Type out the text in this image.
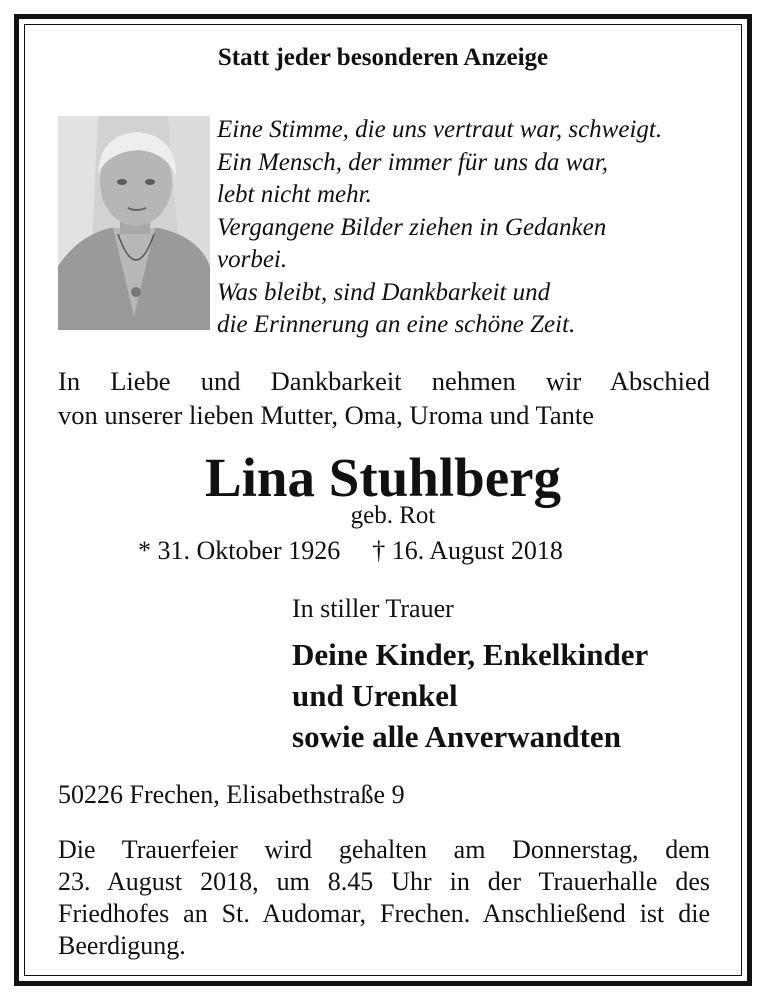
Statt jeder besonderen Anzeige
Eine Stimme, die uns vertraut war, schweigt.
Ein Mensch, der immer für uns da war,
lebt nicht mehr.
Vergangene Bilder ziehen in Gedanken
vorbei.
Was bleibt, sind Dankbarkeit und
die Erinnerung an eine schöne Zeit.
In Liebe und Dankbarkeit nehmen wir Abschied
von unserer lieben Mutter, Oma, Uroma und Tante
Lina Stuhlberg
geb. Rot
* 31. Oktober 1926 † 16. August 2018
In stiller Trauer
Deine Kinder, Enkelkinder
und Urenkel
sowie alle Anverwandten
50226 Frechen, Elisabethstraße 9
Die Trauerfeier wird gehalten am Donnerstag, dem
23. August 2018, um 8.45 Uhr in der Trauerhalle des
Friedhofes an St. Audomar, Frechen. Anschließend ist die
Beerdigung.
